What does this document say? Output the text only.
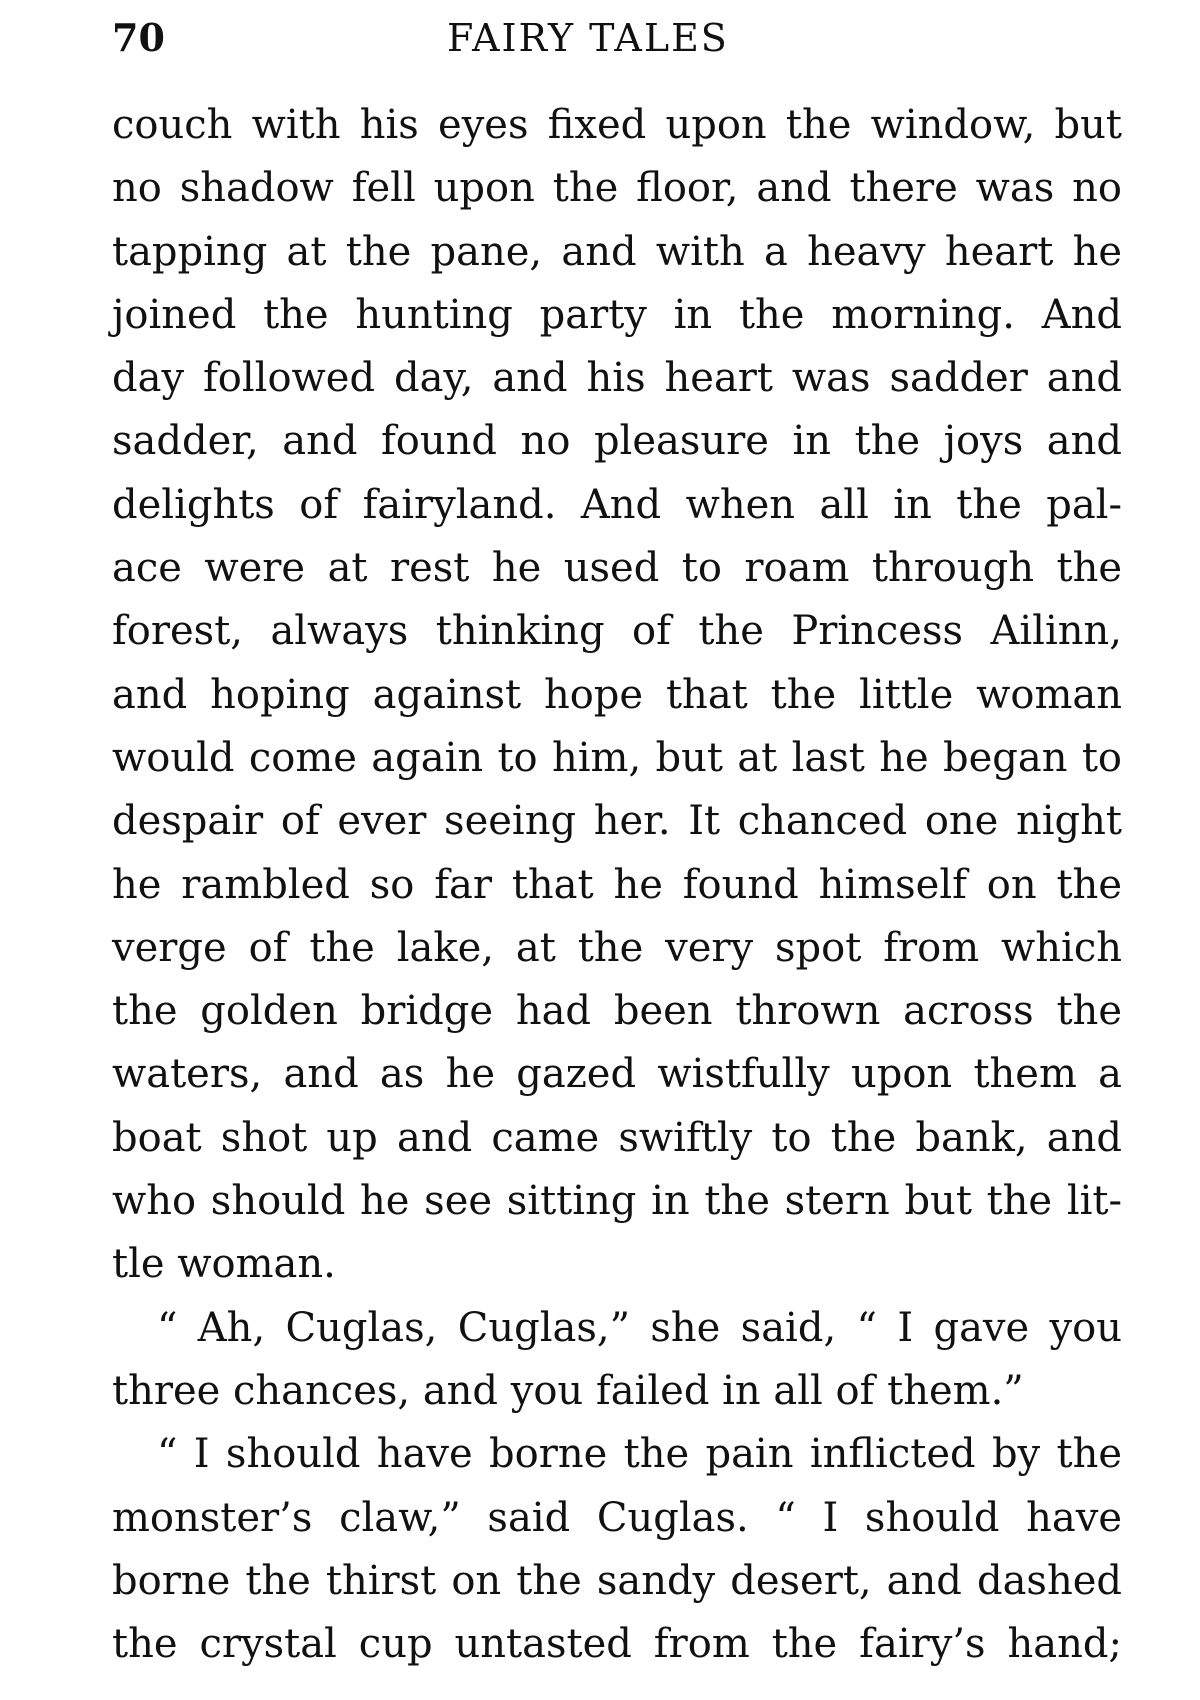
70	FAIRY TALES
couch with his eyes fixed upon the window, but
no shadow fell upon the floor, and there was no
tapping at the pane, and with a heavy heart he
joined the hunting party in the morning. And
day followed day, and his heart was sadder and
sadder, and found no pleasure in the joys and
delights of fairyland. And when all in the pal-
ace were at rest he used to roam through the
forest, always thinking of the Princess Ailinn,
and hoping against hope that the little woman
would come again to him, but at last he began to
despair of ever seeing her. It chanced one night
he rambled so far that he found himself on the
verge of the lake, at the very spot from which
the golden bridge had been thrown across the
waters, and as he gazed wistfully upon them a
boat shot up and came swiftly to the bank, and
who should he see sitting in the stern but the lit-
tle woman.
“ Ah, Cuglas, Cuglas,” she said, “ I gave you
three chances, and you failed in all of them.”
“ I should have borne the pain inflicted by the
monster’s claw,” said Cuglas. “ I should have
borne the thirst on the sandy desert, and dashed
the crystal cup untasted from the fairy’s hand;
